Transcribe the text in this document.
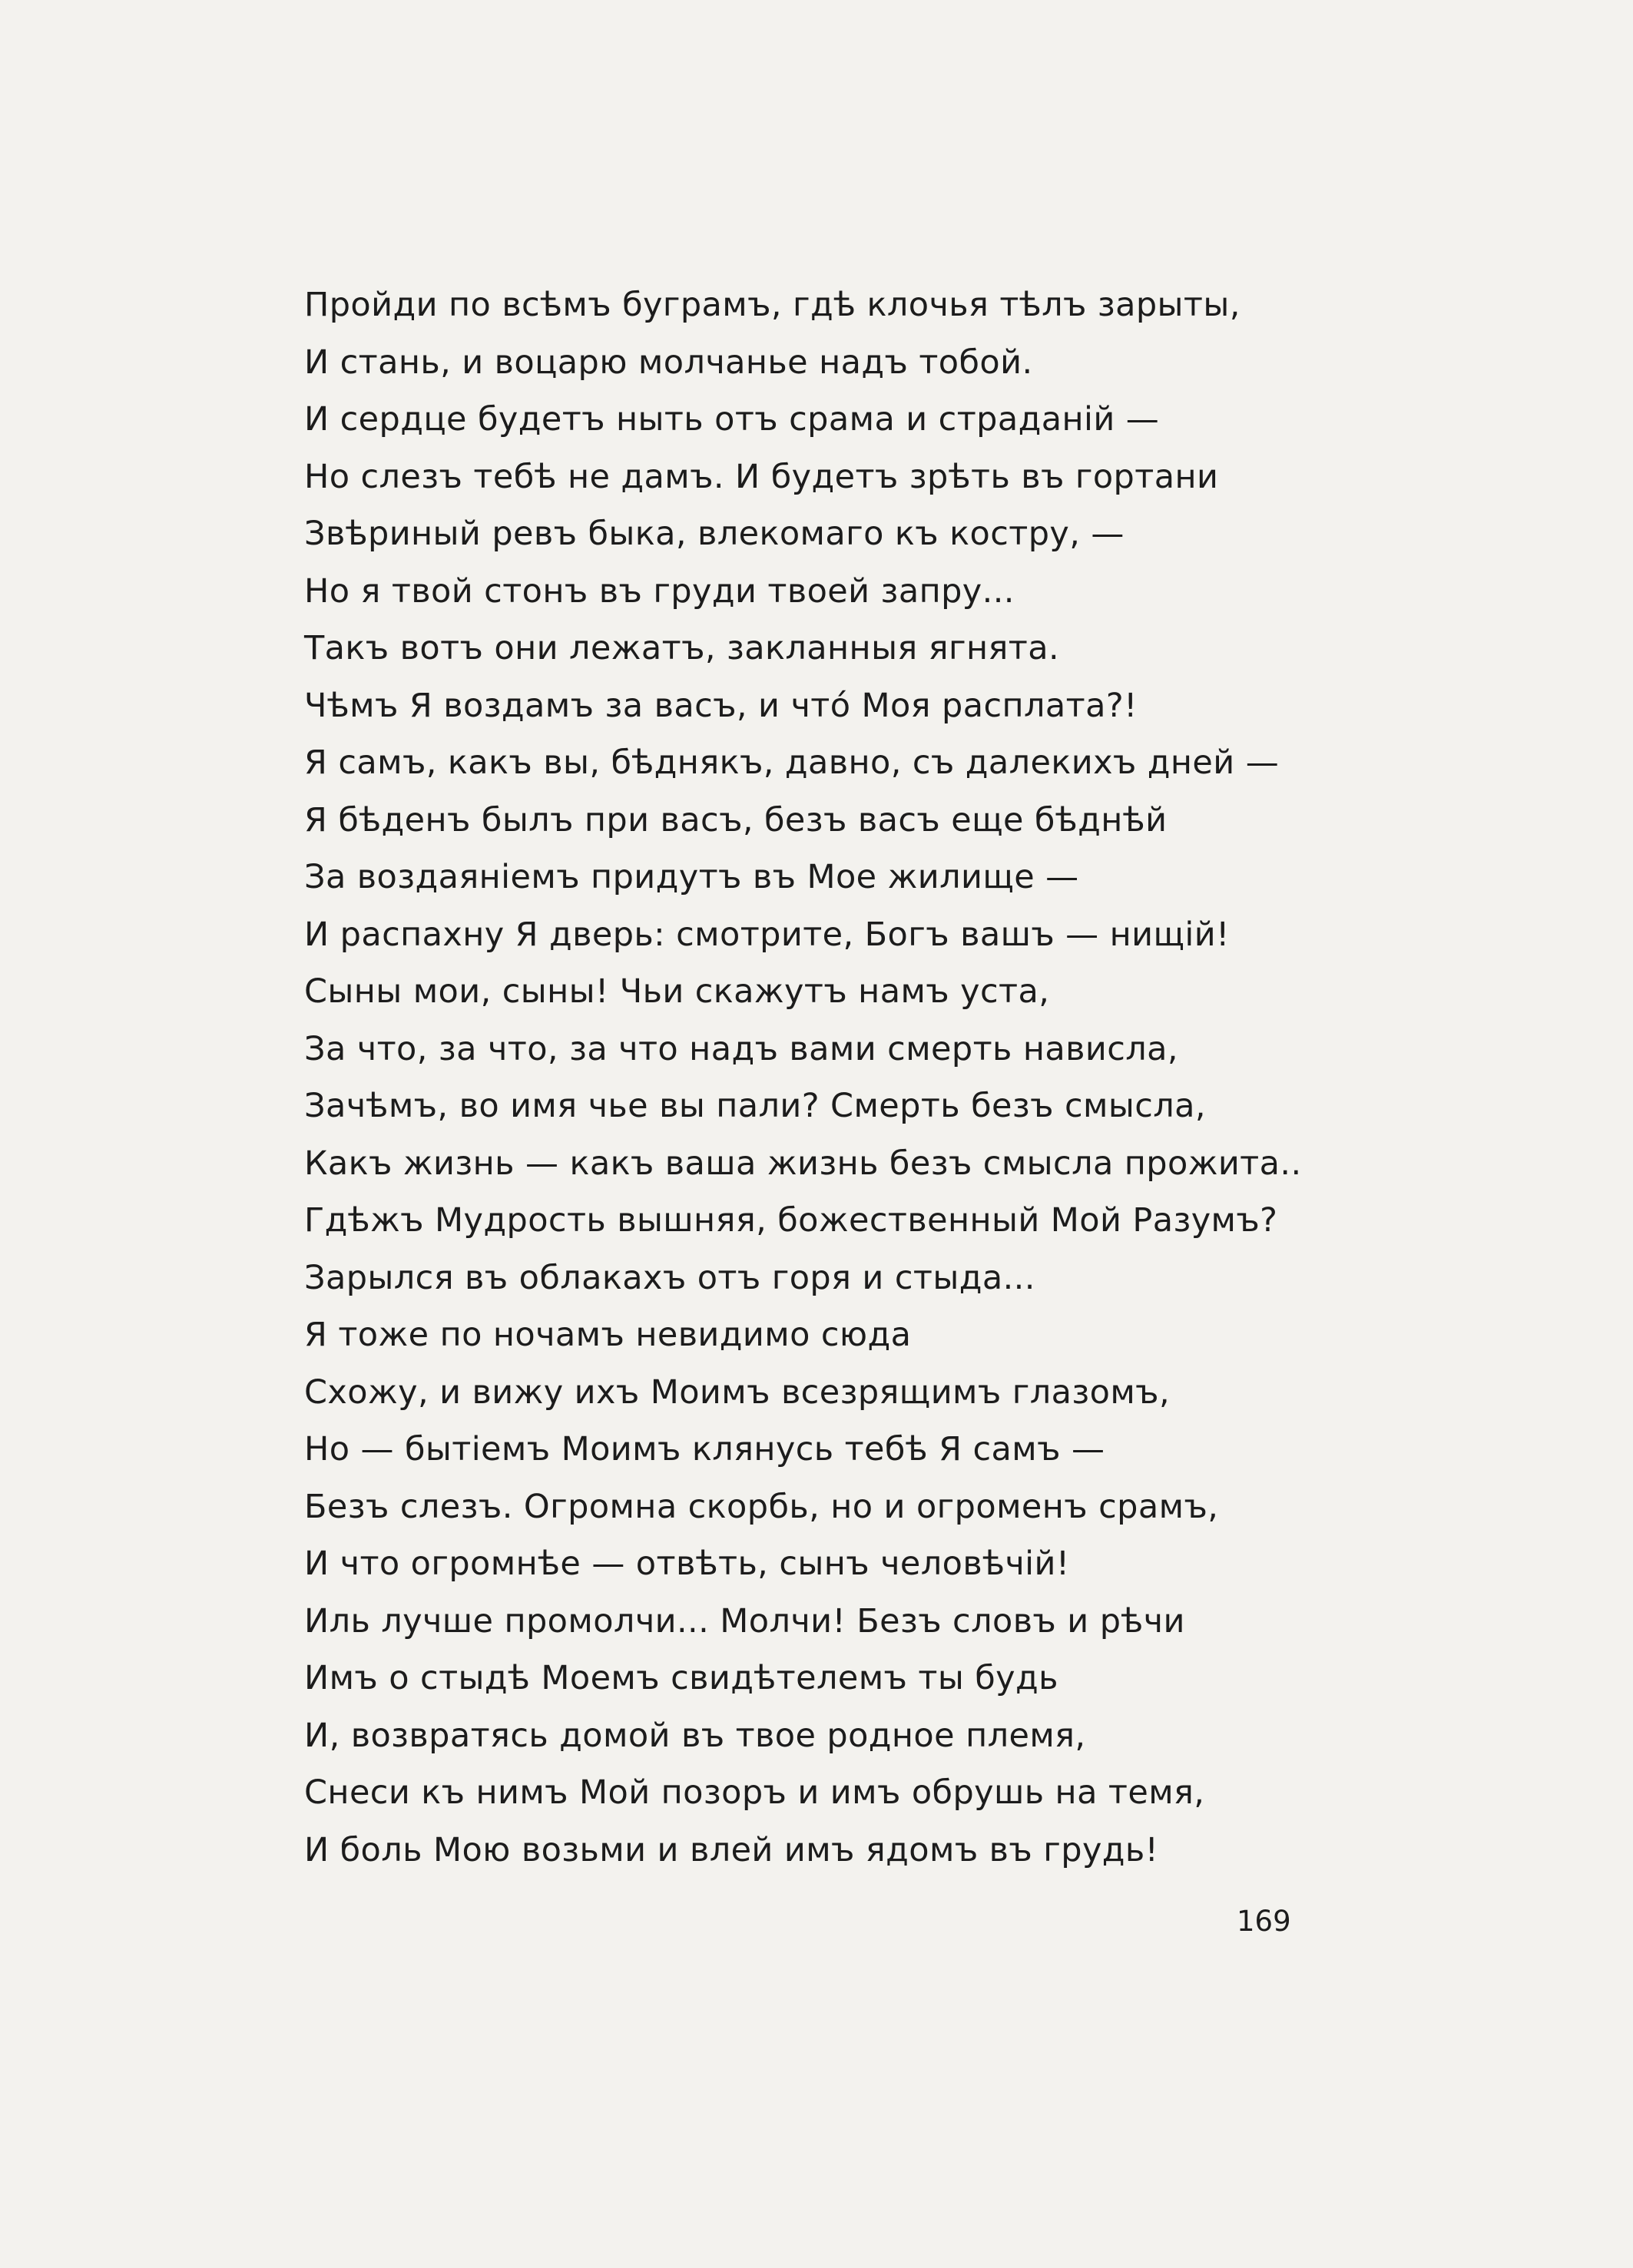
Пройди по всѣмъ буграмъ, гдѣ клочья тѣлъ зарыты,
И стань, и воцарю молчанье надъ тобой.
И сердце будетъ ныть отъ срама и страданій —
Но слезъ тебѣ не дамъ. И будетъ зрѣть въ гортани
Звѣриный ревъ быка, влекомаго къ костру, —
Но я твой стонъ въ груди твоей запру...
Такъ вотъ они лежатъ, закланныя ягнята.
Чѣмъ Я воздамъ за васъ, и что́ Моя расплата?!
Я самъ, какъ вы, бѣднякъ, давно, съ далекихъ дней —
Я бѣденъ былъ при васъ, безъ васъ еще бѣднѣй
За воздаяніемъ придутъ въ Мое жилище —
И распахну Я дверь: смотрите, Богъ вашъ — нищій!
Сыны мои, сыны! Чьи скажутъ намъ уста,
За что, за что, за что надъ вами смерть нависла,
Зачѣмъ, во имя чье вы пали? Смерть безъ смысла,
Какъ жизнь — какъ ваша жизнь безъ смысла прожита..
Гдѣжъ Мудрость вышняя, божественный Мой Разумъ?
Зарылся въ облакахъ отъ горя и стыда...
Я тоже по ночамъ невидимо сюда
Схожу, и вижу ихъ Моимъ всезрящимъ глазомъ,
Но — бытіемъ Моимъ клянусь тебѣ Я самъ —
Безъ слезъ. Огромна скорбь, но и огроменъ срамъ,
И что огромнѣе — отвѣть, сынъ человѣчій!
Иль лучше промолчи... Молчи! Безъ словъ и рѣчи
Имъ о стыдѣ Моемъ свидѣтелемъ ты будь
И, возвратясь домой въ твое родное племя,
Снеси къ нимъ Мой позоръ и имъ обрушь на темя,
И боль Мою возьми и влей имъ ядомъ въ грудь!
169
